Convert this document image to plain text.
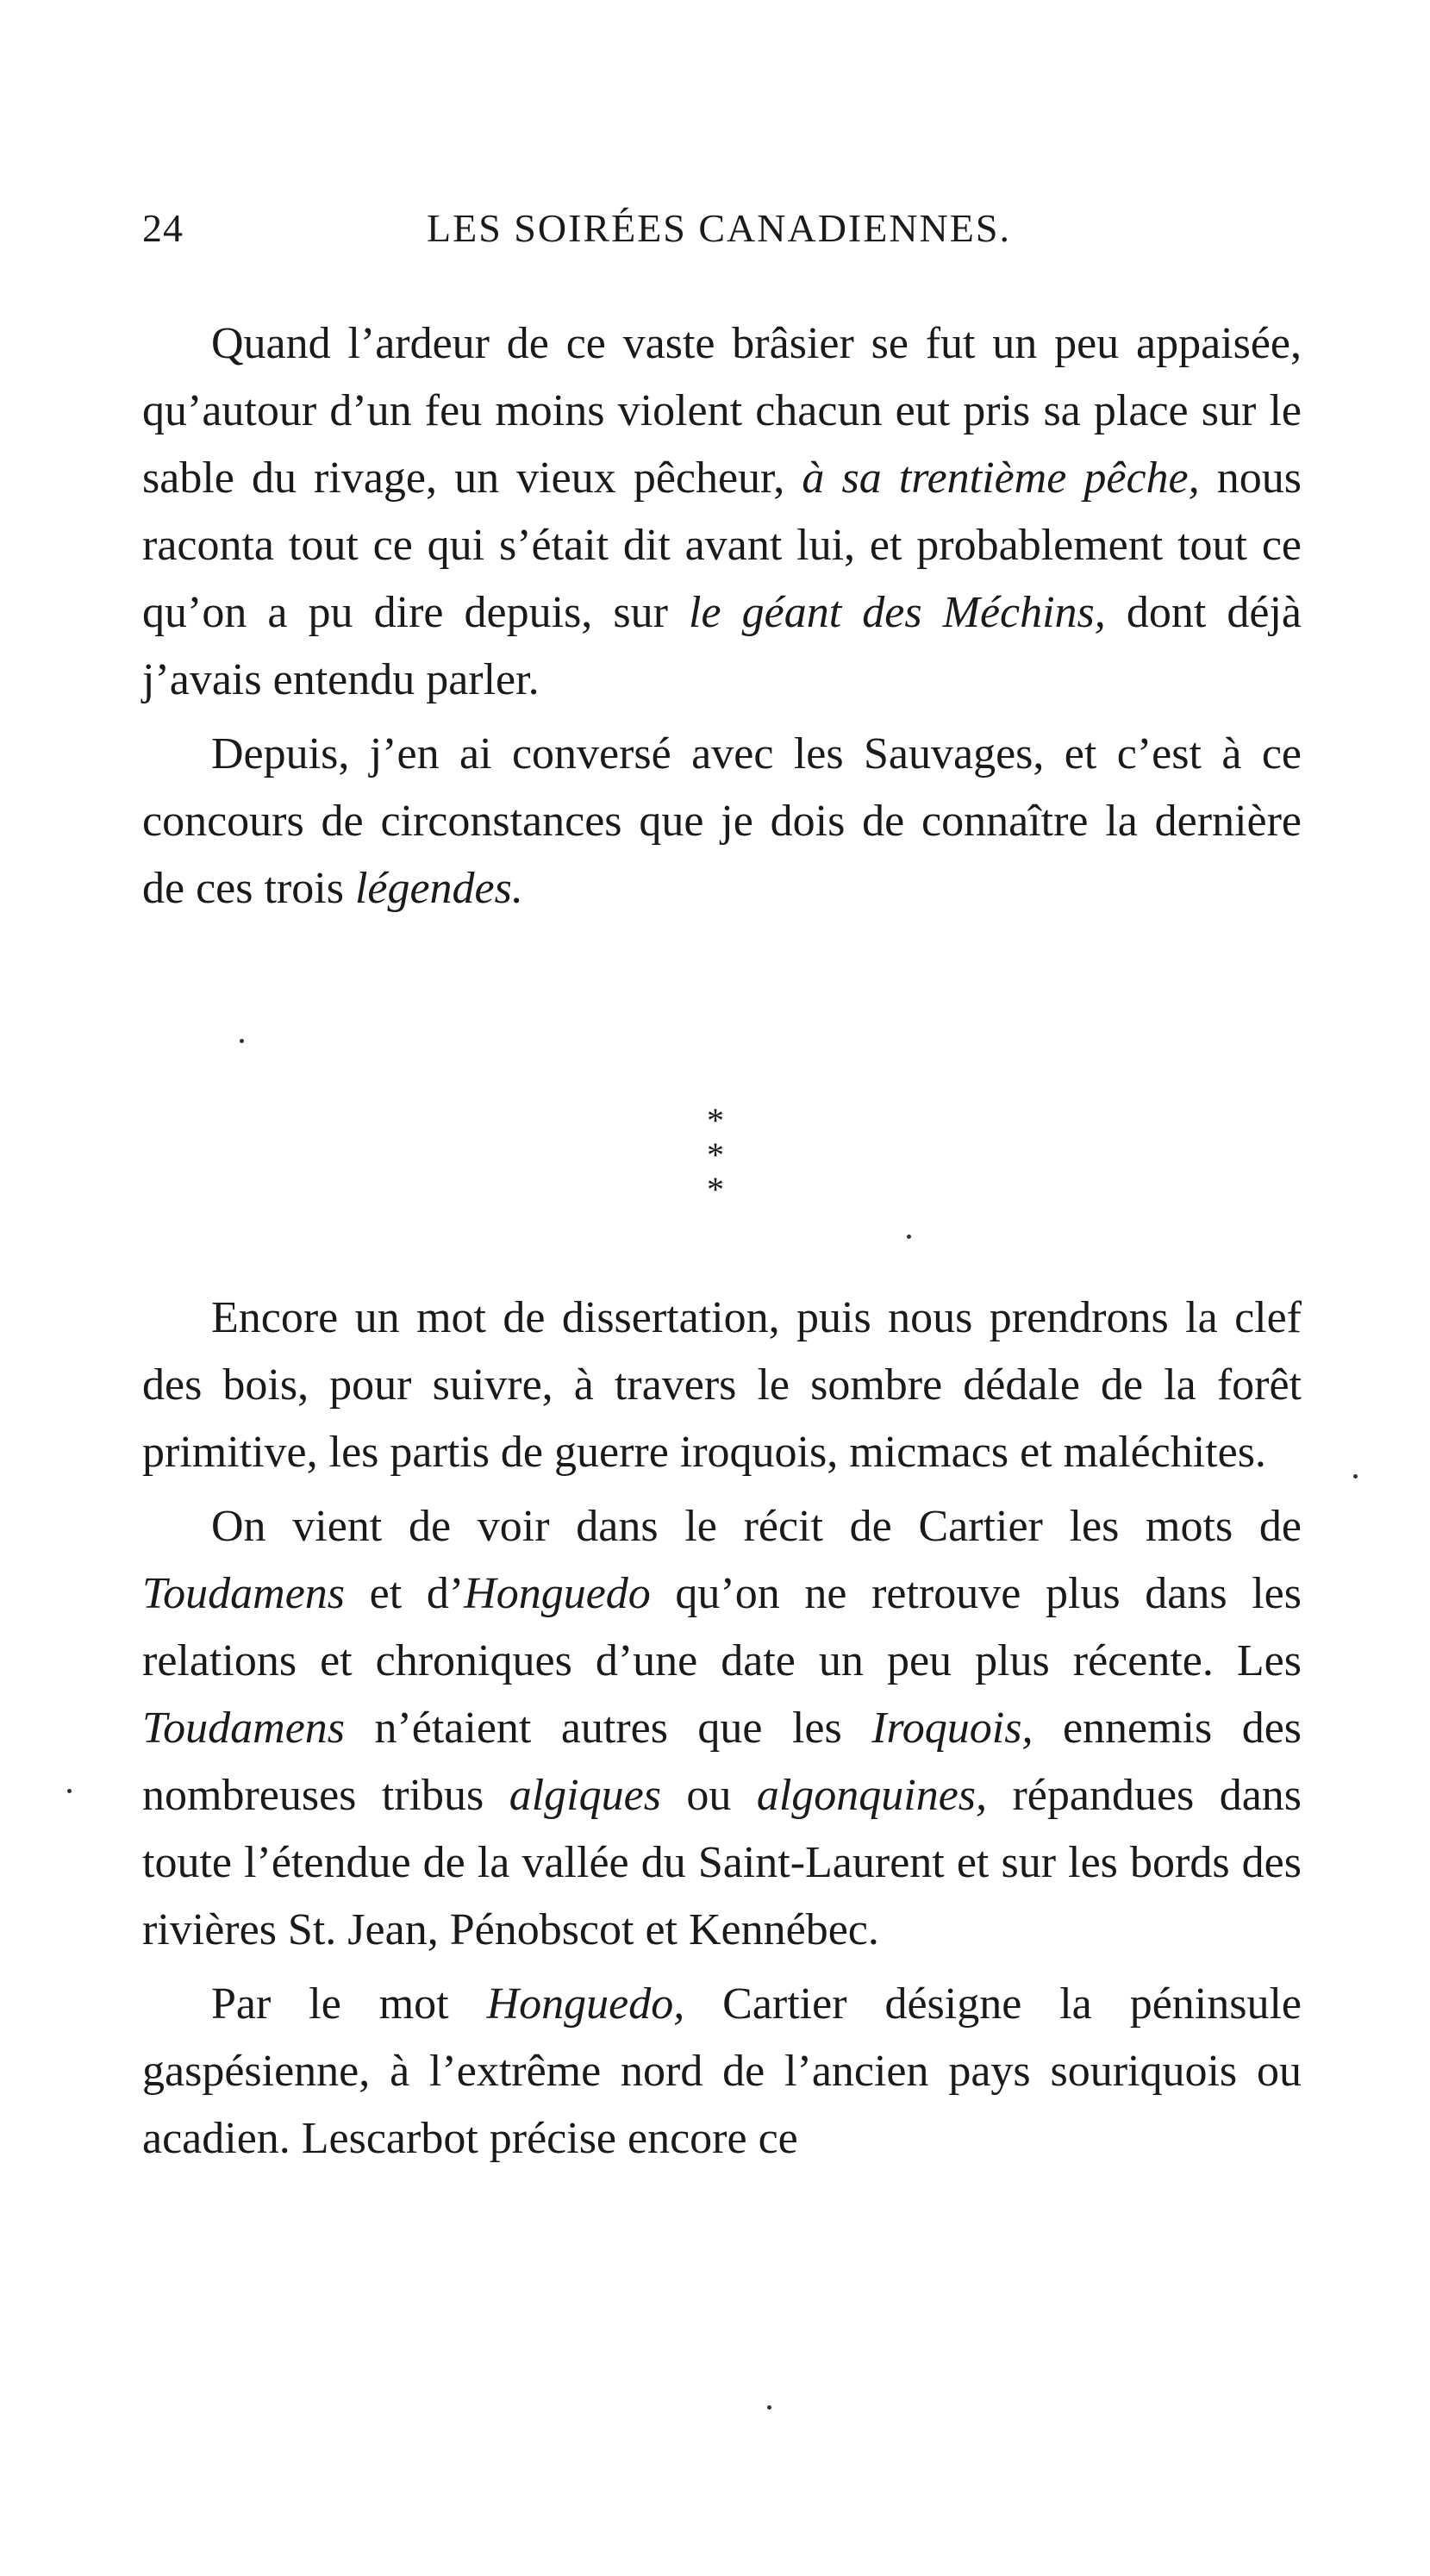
24	LES SOIRÉES CANADIENNES.

Quand l’ardeur de ce vaste brâsier se fut un peu appaisée, qu’autour d’un feu moins violent chacun eut pris sa place sur le sable du rivage, un vieux pêcheur, à sa trentième pêche, nous raconta tout ce qui s’était dit avant lui, et probablement tout ce qu’on a pu dire depuis, sur le géant des Méchins, dont déjà j’avais entendu parler.

Depuis, j’en ai conversé avec les Sauvages, et c’est à ce concours de circonstances que je dois de connaître la dernière de ces trois légendes.

*
* *

Encore un mot de dissertation, puis nous prendrons la clef des bois, pour suivre, à travers le sombre dédale de la forêt primitive, les partis de guerre iroquois, micmacs et maléchites.

On vient de voir dans le récit de Cartier les mots de Toudamens et d’Honguedo qu’on ne retrouve plus dans les relations et chroniques d’une date un peu plus récente. Les Toudamens n’étaient autres que les Iroquois, ennemis des nombreuses tribus algiques ou algonquines, répandues dans toute l’étendue de la vallée du Saint-Laurent et sur les bords des rivières St. Jean, Pénobscot et Kennébec.

Par le mot Honguedo, Cartier désigne la péninsule gaspésienne, à l’extrême nord de l’ancien pays souriquois ou acadien. Lescarbot précise encore ce
